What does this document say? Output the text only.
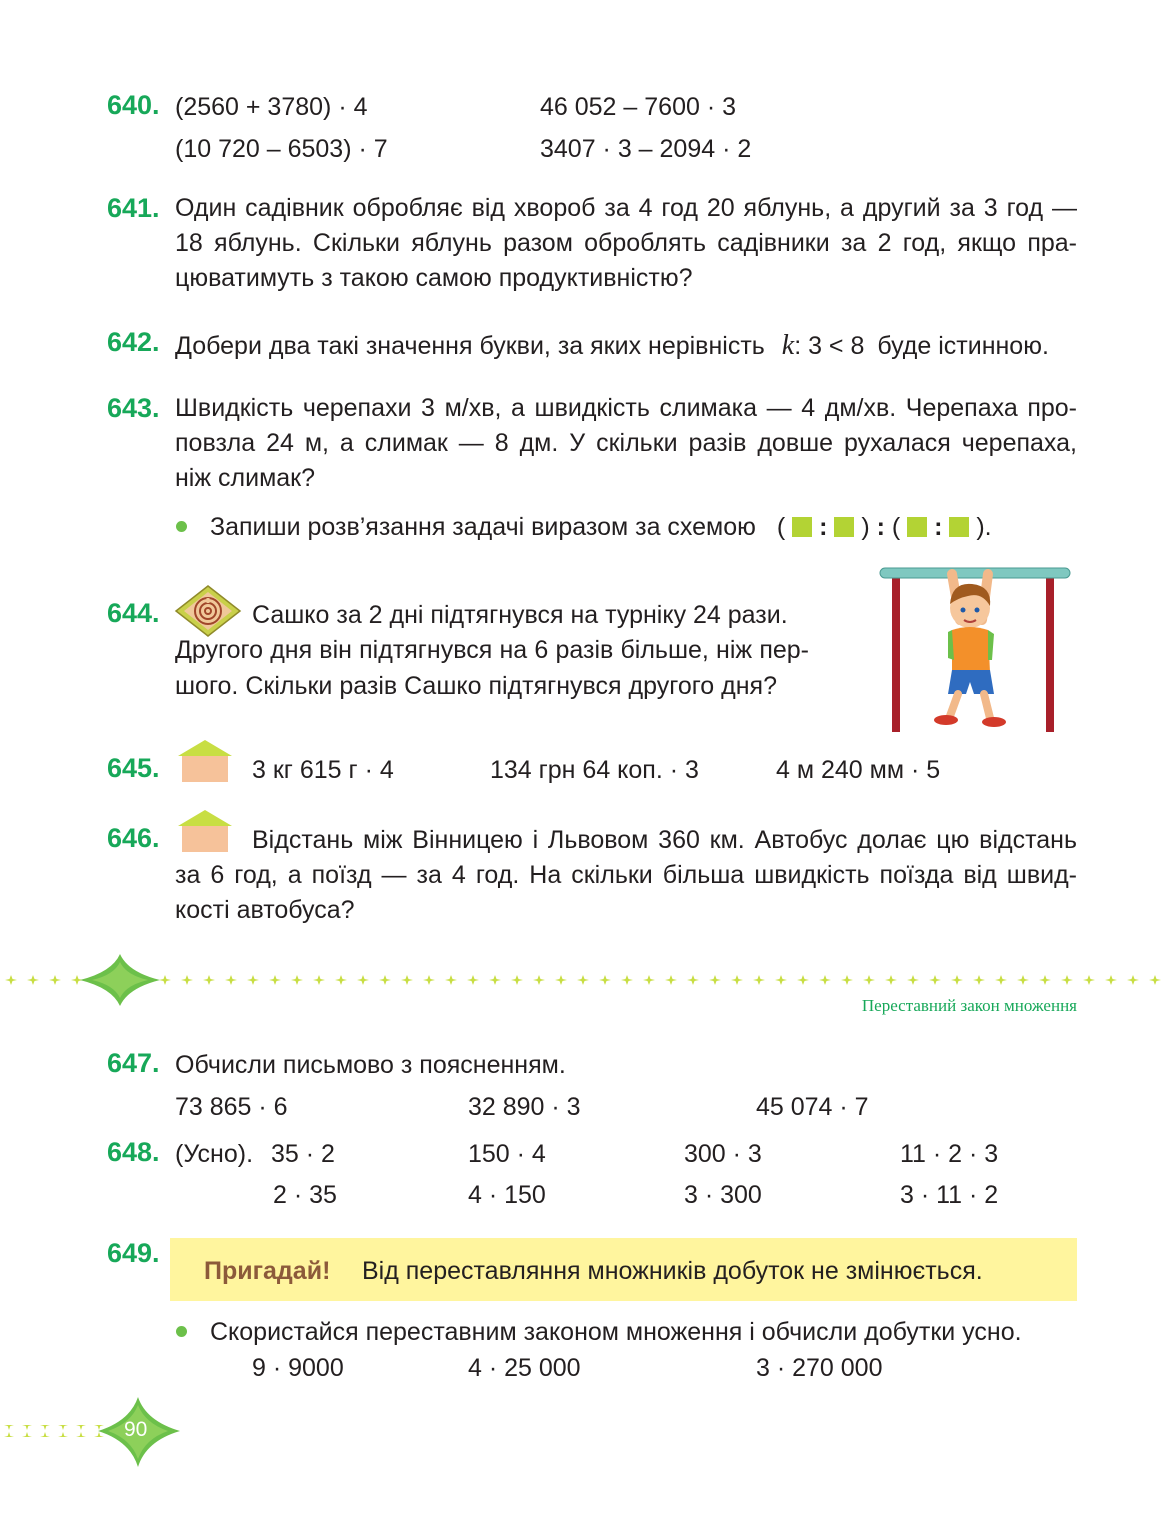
640. (2560 + 3780) · 4	46 052 – 7600 · 3
(10 720 – 6503) · 7	3407 · 3 – 2094 · 2
641. Один садівник обробляє від хвороб за 4 год 20 яблунь, а другий за 3 год —
18 яблунь. Скільки яблунь разом оброблять садівники за 2 год, якщо пра-
цюватимуть з такою самою продуктивністю?
642. Добери два такі значення букви, за яких нерівність k: 3 < 8 буде істинною.
643. Швидкість черепахи 3 м/хв, а швидкість слимака — 4 дм/хв. Черепаха про-
повзла 24 м, а слимак — 8 дм. У скільки разів довше рухалася черепаха,
ніж слимак?
Запиши розв’язання задачі виразом за схемою ( : ) : ( : ).
644.	Сашко за 2 дні підтягнувся на турніку 24 рази.
Другого дня він підтягнувся на 6 разів більше, ніж пер-
шого. Скільки разів Сашко підтягнувся другого дня?
645.	3 кг 615 г · 4	134 грн 64 коп. · 3	4 м 240 мм · 5
646.	Відстань між Вінницею і Львовом 360 км. Автобус долає цю відстань
за 6 год, а поїзд — за 4 год. На скільки більша швидкість поїзда від швид-
кості автобуса?
Переставний закон множення
647. Обчисли письмово з поясненням.
73 865 · 6	32 890 · 3	45 074 · 7
648. (Усно). 35 · 2	150 · 4	300 · 3	11 · 2 · 3
2 · 35	4 · 150	3 · 300	3 · 11 · 2
649.
Пригадай! Від переставляння множників добуток не змінюється.
Скористайся переставним законом множення і обчисли добутки усно.
9 · 9000	4 · 25 000	3 · 270 000
90
